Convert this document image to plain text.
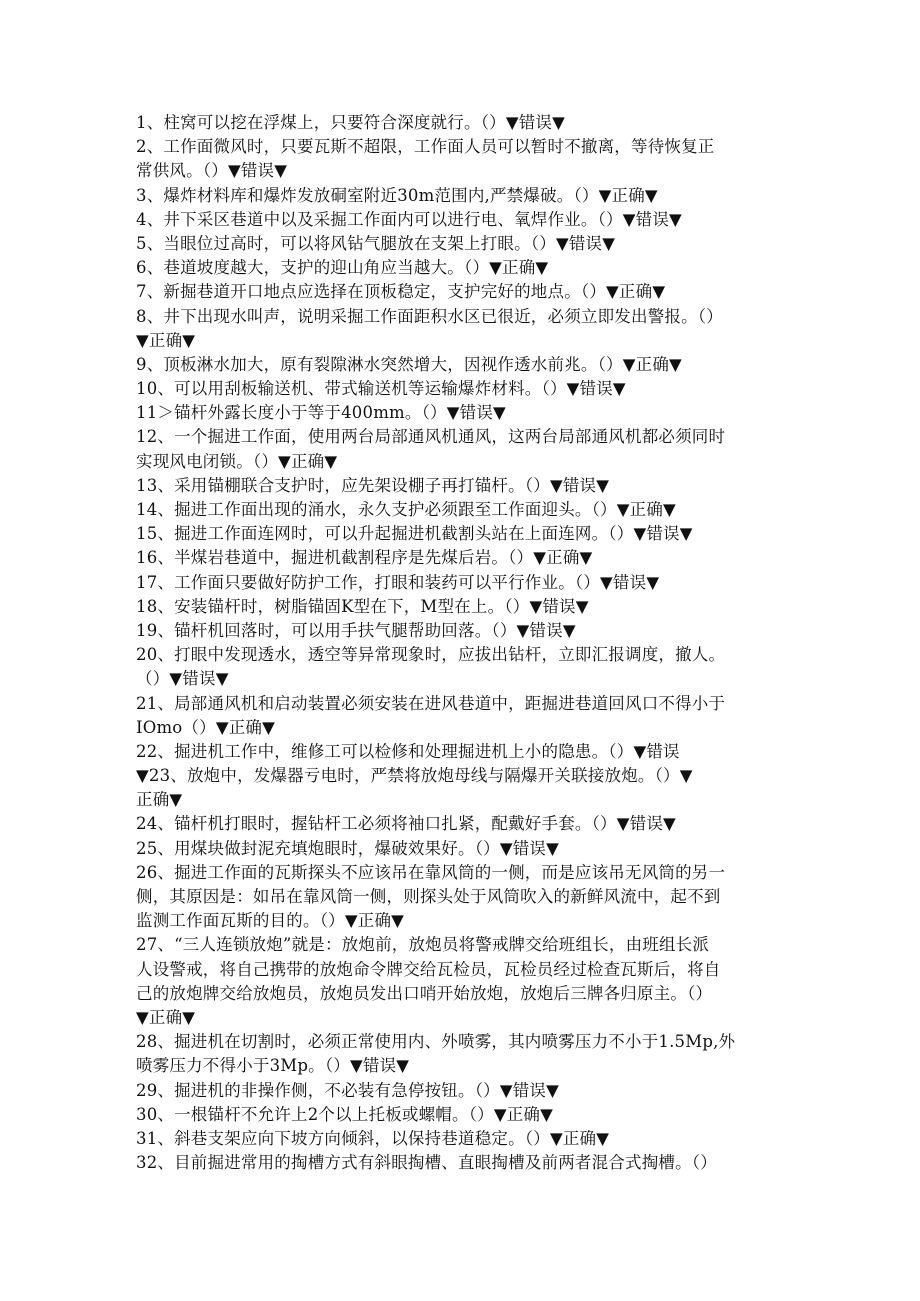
1、柱窝可以挖在浮煤上，只要符合深度就行。（）▼错误▼
2、工作面微风时，只要瓦斯不超限，工作面人员可以暂时不撤离，等待恢复正
常供风。（）▼错误▼
3、爆炸材料库和爆炸发放硐室附近30m范围内,严禁爆破。（）▼正确▼
4、井下采区巷道中以及采掘工作面内可以进行电、氧焊作业。（）▼错误▼
5、当眼位过高时，可以将风钻气腿放在支架上打眼。（）▼错误▼
6、巷道坡度越大，支护的迎山角应当越大。（）▼正确▼
7、新掘巷道开口地点应选择在顶板稳定，支护完好的地点。（）▼正确▼
8、井下出现水叫声，说明采掘工作面距积水区已很近，必须立即发出警报。（）
▼正确▼
9、顶板淋水加大，原有裂隙淋水突然增大，因视作透水前兆。（）▼正确▼
10、可以用刮板输送机、带式输送机等运输爆炸材料。（）▼错误▼
11＞锚杆外露长度小于等于400mm。（）▼错误▼
12、一个掘进工作面，使用两台局部通风机通风，这两台局部通风机都必须同时
实现风电闭锁。（）▼正确▼
13、采用锚棚联合支护时，应先架设棚子再打锚杆。（）▼错误▼
14、掘进工作面出现的涌水，永久支护必须跟至工作面迎头。（）▼正确▼
15、掘进工作面连网时，可以升起掘进机截割头站在上面连网。（）▼错误▼
16、半煤岩巷道中，掘进机截割程序是先煤后岩。（）▼正确▼
17、工作面只要做好防护工作，打眼和装药可以平行作业。（）▼错误▼
18、安装锚杆时，树脂锚固K型在下，M型在上。（）▼错误▼
19、锚杆机回落时，可以用手扶气腿帮助回落。（）▼错误▼
20、打眼中发现透水，透空等异常现象时，应拔出钻杆，立即汇报调度，撤人。
（）▼错误▼
21、局部通风机和启动装置必须安装在进风巷道中，距掘进巷道回风口不得小于
IOmo（）▼正确▼
22、掘进机工作中，维修工可以检修和处理掘进机上小的隐患。（）▼错误
▼23、放炮中，发爆器亏电时，严禁将放炮母线与隔爆开关联接放炮。（）▼
正确▼
24、锚杆机打眼时，握钻杆工必须将袖口扎紧，配戴好手套。（）▼错误▼
25、用煤块做封泥充填炮眼时，爆破效果好。（）▼错误▼
26、掘进工作面的瓦斯探头不应该吊在靠风筒的一侧，而是应该吊无风筒的另一
侧，其原因是：如吊在靠风筒一侧，则探头处于风筒吹入的新鲜风流中，起不到
监测工作面瓦斯的目的。（）▼正确▼
27、“三人连锁放炮”就是：放炮前，放炮员将警戒牌交给班组长，由班组长派
人设警戒，将自己携带的放炮命令牌交给瓦检员，瓦检员经过检查瓦斯后，将自
己的放炮牌交给放炮员，放炮员发出口哨开始放炮，放炮后三牌各归原主。（）
▼正确▼
28、掘进机在切割时，必须正常使用内、外喷雾，其内喷雾压力不小于1.5Mp,外
喷雾压力不得小于3Mp。（）▼错误▼
29、掘进机的非操作侧，不必装有急停按钮。（）▼错误▼
30、一根锚杆不允许上2个以上托板或螺帽。（）▼正确▼
31、斜巷支架应向下坡方向倾斜，以保持巷道稳定。（）▼正确▼
32、目前掘进常用的掏槽方式有斜眼掏槽、直眼掏槽及前两者混合式掏槽。（）
